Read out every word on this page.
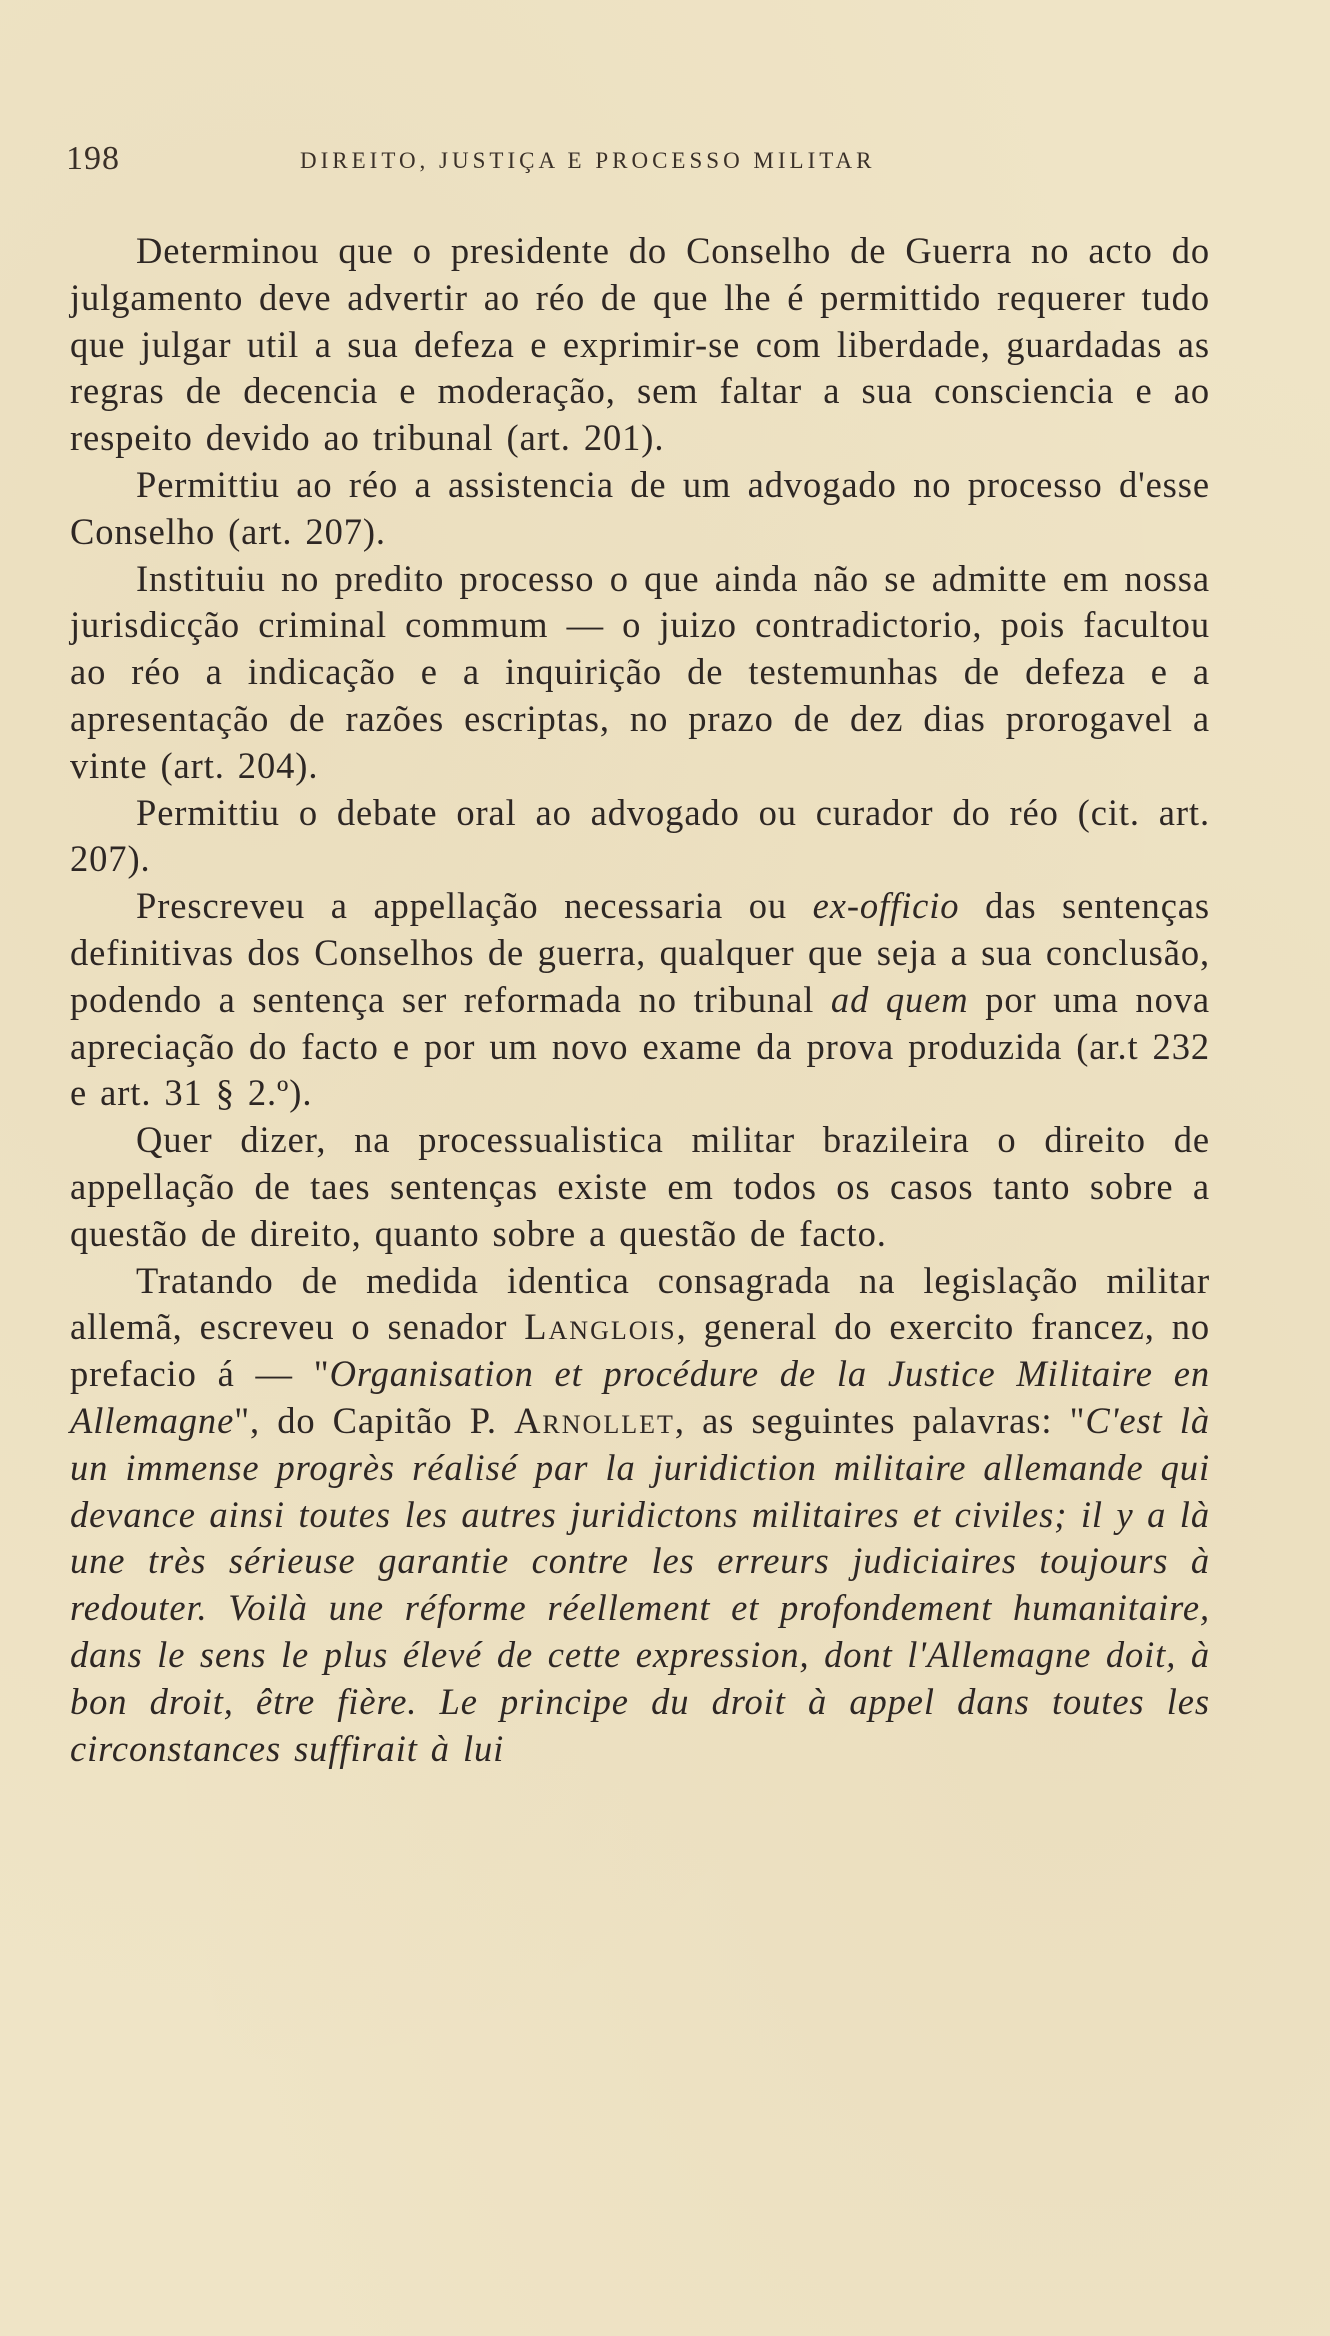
198	DIREITO, JUSTIÇA E PROCESSO MILITAR

Determinou que o presidente do Conselho de Guerra no acto do julgamento deve advertir ao réo de que lhe é permittido requerer tudo que julgar util a sua defeza e exprimir-se com liberdade, guardadas as regras de decencia e moderação, sem faltar a sua consciencia e ao respeito devido ao tribunal (art. 201).

Permittiu ao réo a assistencia de um advogado no processo d'esse Conselho (art. 207).

Instituiu no predito processo o que ainda não se admitte em nossa jurisdicção criminal commum — o juizo contradictorio, pois facultou ao réo a indicação e a inquirição de testemunhas de defeza e a apresentação de razões escriptas, no prazo de dez dias prorogavel a vinte (art. 204).

Permittiu o debate oral ao advogado ou curador do réo (cit. art. 207).

Prescreveu a appellação necessaria ou ex-officio das sentenças definitivas dos Conselhos de guerra, qualquer que seja a sua conclusão, podendo a sentença ser reformada no tribunal ad quem por uma nova apreciação do facto e por um novo exame da prova produzida (ar.t 232 e art. 31 § 2.º).

Quer dizer, na processualistica militar brazileira o direito de appellação de taes sentenças existe em todos os casos tanto sobre a questão de direito, quanto sobre a questão de facto.

Tratando de medida identica consagrada na legislação militar allemã, escreveu o senador Langlois, general do exercito francez, no prefacio á — "Organisation et procédure de la Justice Militaire en Allemagne", do Capitão P. Arnollet, as seguintes palavras: "C'est là un immense progrès réalisé par la juridiction militaire allemande qui devance ainsi toutes les autres juridictons militaires et civiles; il y a là une très sérieuse garantie contre les erreurs judiciaires toujours à redouter. Voilà une réforme réellement et profondement humanitaire, dans le sens le plus élevé de cette expression, dont l'Allemagne doit, à bon droit, être fière. Le principe du droit à appel dans toutes les circonstances suffirait à lui
